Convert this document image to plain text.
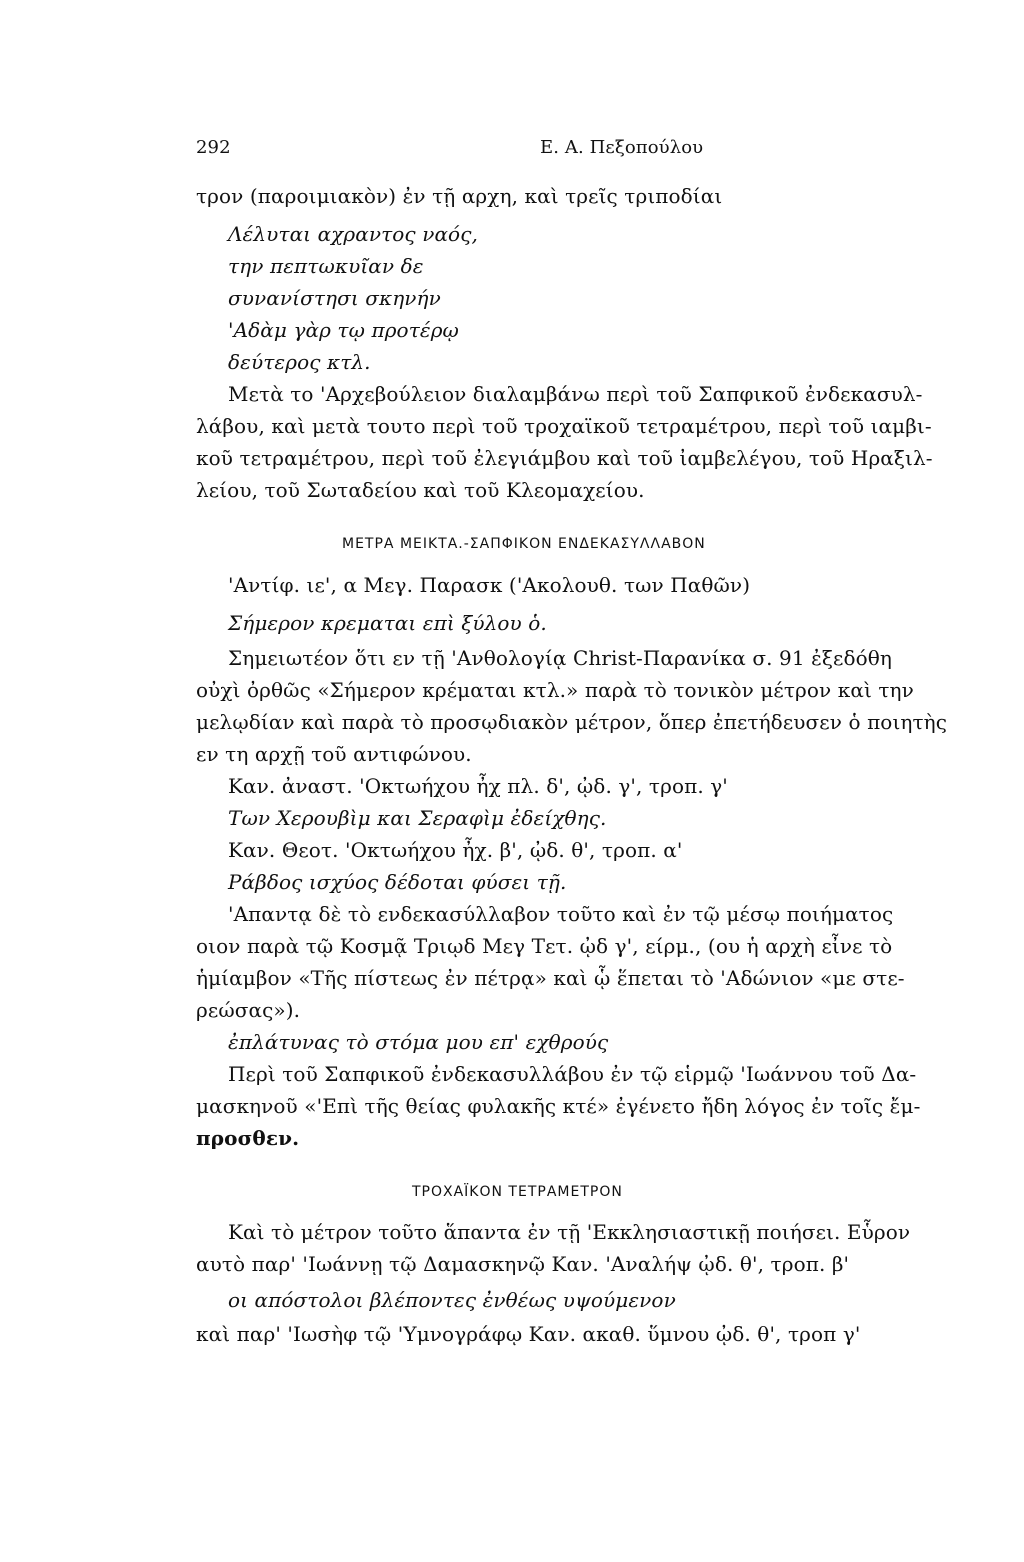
292	Ε. Α. Πεξοπούλου
τρον (παροιμιακὸν) ἐν τῇ αρχη, καὶ τρεῖς τριποδίαι
Λέλυται αχραντος ναός,
την πεπτωκυῖαν δε
συνανίστησι σκηνήν
'Αδὰμ γὰρ τῳ προτέρῳ
δεύτερος κτλ.
Μετὰ το 'Αρχεβούλειον διαλαμβάνω περὶ τοῦ Σαπφικοῦ ἐνδεκασυλ-
λάβου, καὶ μετὰ τουτο περὶ τοῦ τροχαϊκοῦ τετραμέτρου, περὶ τοῦ ιαμβι-
κοῦ τετραμέτρου, περὶ τοῦ ἐλεγιάμβου καὶ τοῦ ἰαμβελέγου, τοῦ Ηραξιλ-
λείου, τοῦ Σωταδείου καὶ τοῦ Κλεομαχείου.
ΜΕΤΡΑ ΜΕΙΚΤΑ.-ΣΑΠΦΙΚΟΝ ΕΝΔΕΚΑΣΥΛΛΑΒΟΝ
'Αντίφ. ιε', α Μεγ. Παρασκ ('Ακολουθ. των Παθῶν)
Σήμερον κρεμαται επὶ ξύλου ὁ.
Σημειωτέον ὅτι εν τῇ 'Ανθολογίᾳ Christ-Παρανίκα σ. 91 ἐξεδόθη
οὐχὶ ὀρθῶς «Σήμερον κρέμαται κτλ.» παρὰ τὸ τονικὸν μέτρον καὶ την
μελῳδίαν καὶ παρὰ τὸ προσῳδιακὸν μέτρον, ὅπερ ἐπετήδευσεν ὁ ποιητὴς
εν τη αρχῇ τοῦ αντιφώνου.
Καν. ἀναστ. 'Οκτωήχου ἦχ πλ. δ', ᾠδ. γ', τροπ. γ'
Των Χερουβὶμ και Σεραφὶμ ἐδείχθης.
Καν. Θεοτ. 'Οκτωήχου ἦχ. β', ᾠδ. θ', τροπ. α'
Ράβδος ισχύος δέδοται φύσει τῇ.
'Απαντᾳ δὲ τὸ ενδεκασύλλαβον τοῦτο καὶ ἐν τῷ μέσῳ ποιήματος
οιον παρὰ τῷ Κοσμᾷ Τριῳδ Μεγ Τετ. ᾠδ γ', είρμ., (ου ἡ αρχὴ εἶνε τὸ
ἡμίαμβον «Τῆς πίστεως ἐν πέτρᾳ» καὶ ᾧ ἕπεται τὸ 'Αδώνιον «με στε-
ρεώσας»).
ἐπλάτυνας τὸ στόμα μου επ' εχθρούς
Περὶ τοῦ Σαπφικοῦ ἐνδεκασυλλάβου ἐν τῷ εἱρμῷ 'Ιωάννου τοῦ Δα-
μασκηνοῦ «'Επὶ τῆς θείας φυλακῆς κτέ» ἐγένετο ἤδη λόγος ἐν τοῖς ἔμ-
προσθεν.
ΤΡΟΧΑΪΚΟΝ ΤΕΤΡΑΜΕΤΡΟΝ
Καὶ τὸ μέτρον τοῦτο ἅπαντα ἐν τῇ 'Εκκλησιαστικῇ ποιήσει. Εὗρον
αυτὸ παρ' 'Ιωάννῃ τῷ Δαμασκηνῷ Καν. 'Αναλήψ ᾠδ. θ', τροπ. β'
οι απόστολοι βλέποντες ἐνθέως υψούμενον
καὶ παρ' 'Ιωσὴφ τῷ 'Υμνογράφῳ Καν. ακαθ. ὕμνου ᾠδ. θ', τροπ γ'
